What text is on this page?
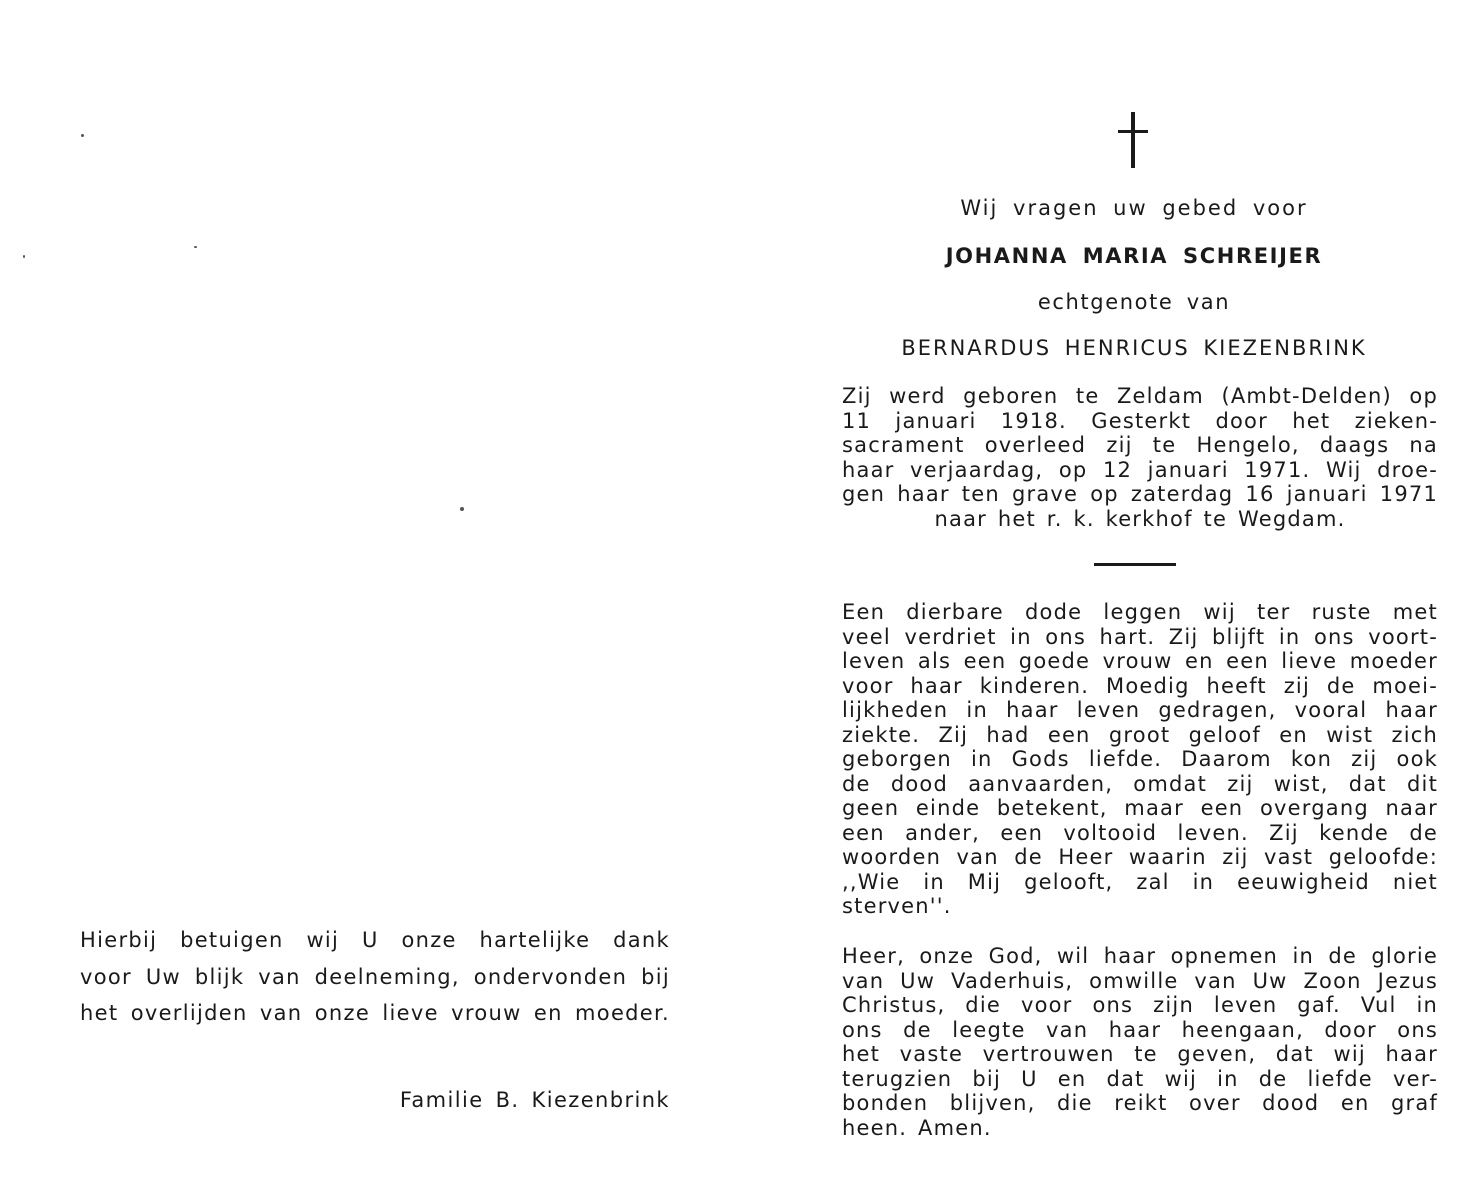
Hierbij betuigen wij U onze hartelijke dank
voor Uw blijk van deelneming, ondervonden bij
het overlijden van onze lieve vrouw en moeder.

Familie B. Kiezenbrink

Wij vragen uw gebed voor

JOHANNA MARIA SCHREIJER

echtgenote van

BERNARDUS HENRICUS KIEZENBRINK

Zij werd geboren te Zeldam (Ambt-Delden) op
11 januari 1918. Gesterkt door het zieken-
sacrament overleed zij te Hengelo, daags na
haar verjaardag, op 12 januari 1971. Wij droe-
gen haar ten grave op zaterdag 16 januari 1971
naar het r. k. kerkhof te Wegdam.

Een dierbare dode leggen wij ter ruste met
veel verdriet in ons hart. Zij blijft in ons voort-
leven als een goede vrouw en een lieve moeder
voor haar kinderen. Moedig heeft zij de moei-
lijkheden in haar leven gedragen, vooral haar
ziekte. Zij had een groot geloof en wist zich
geborgen in Gods liefde. Daarom kon zij ook
de dood aanvaarden, omdat zij wist, dat dit
geen einde betekent, maar een overgang naar
een ander, een voltooid leven. Zij kende de
woorden van de Heer waarin zij vast geloofde:
,,Wie in Mij gelooft, zal in eeuwigheid niet
sterven''.

Heer, onze God, wil haar opnemen in de glorie
van Uw Vaderhuis, omwille van Uw Zoon Jezus
Christus, die voor ons zijn leven gaf. Vul in
ons de leegte van haar heengaan, door ons
het vaste vertrouwen te geven, dat wij haar
terugzien bij U en dat wij in de liefde ver-
bonden blijven, die reikt over dood en graf
heen. Amen.
